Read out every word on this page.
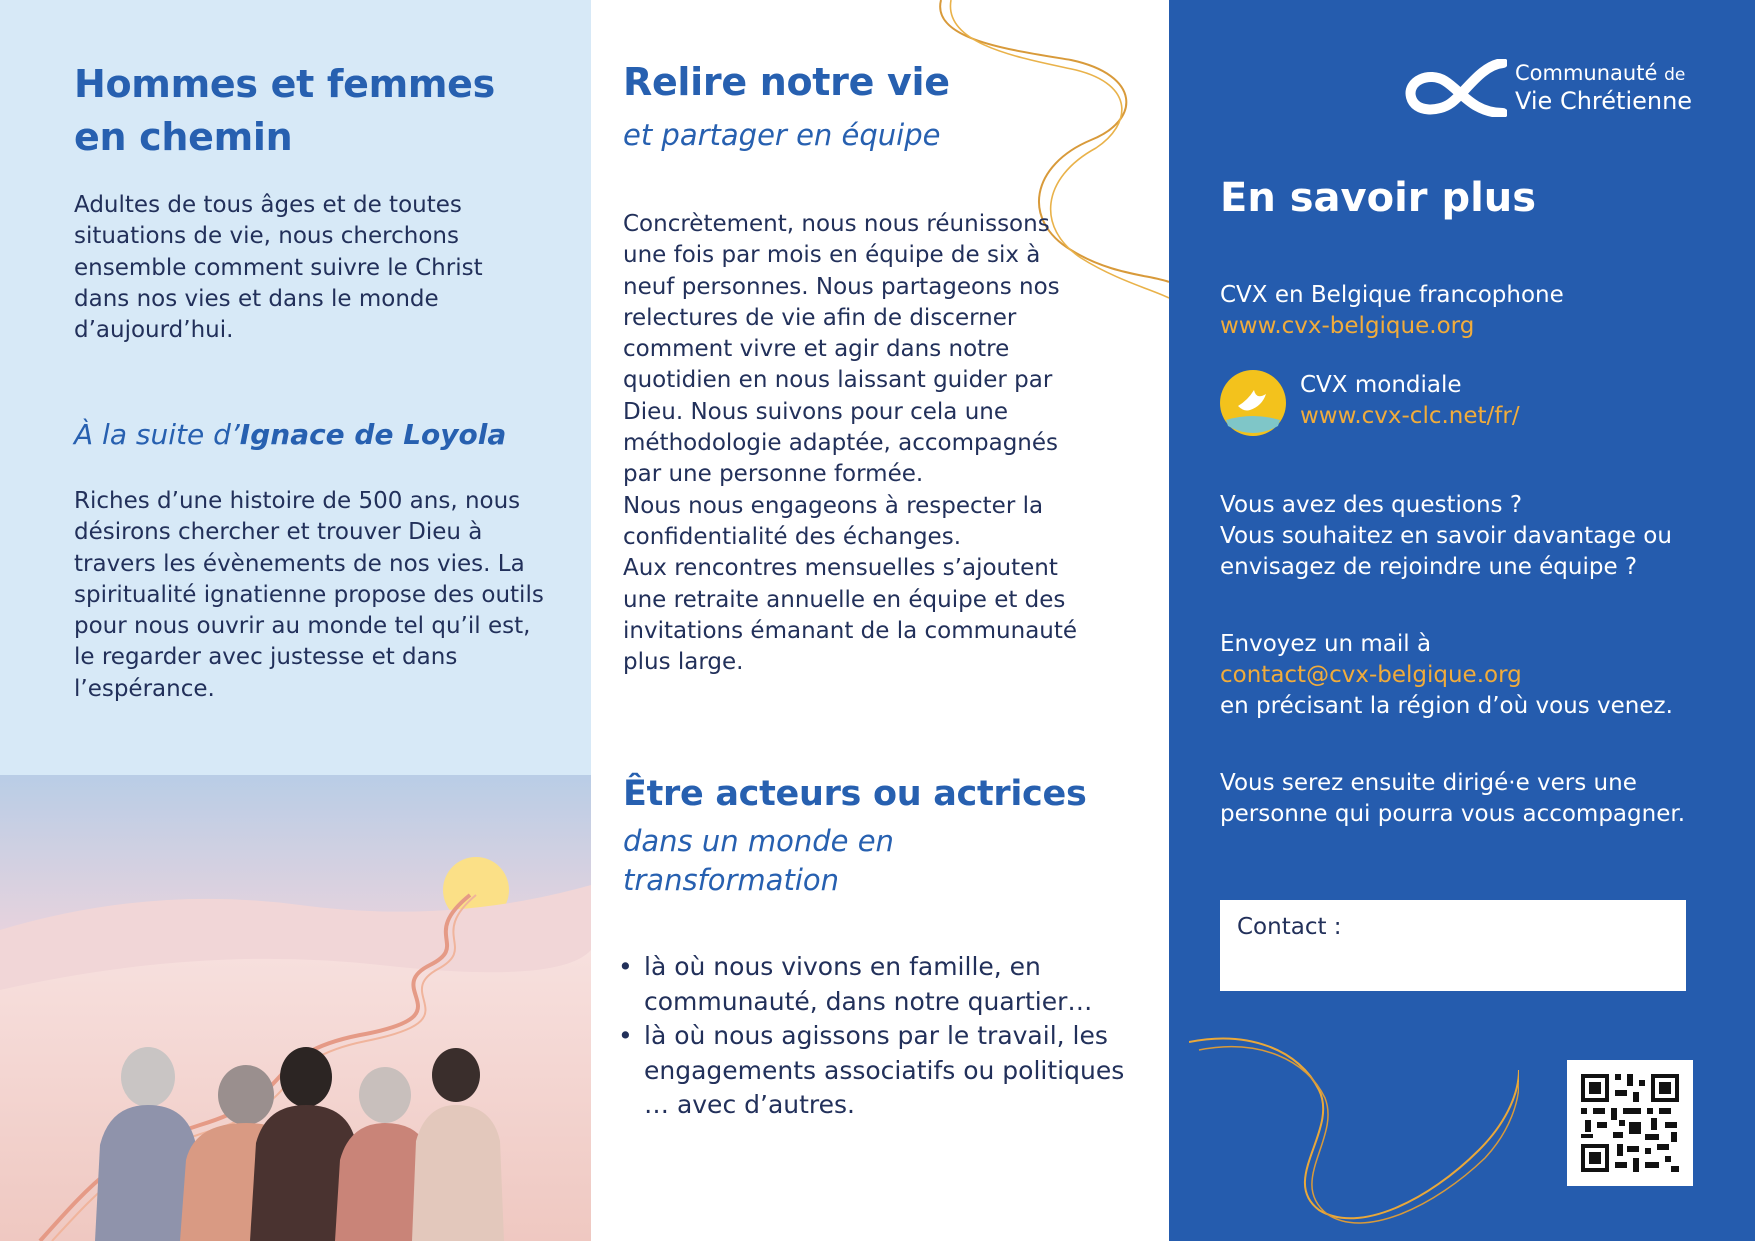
Hommes et femmes en chemin

Adultes de tous âges et de toutes
situations de vie, nous cherchons
ensemble comment suivre le Christ
dans nos vies et dans le monde
d’aujourd’hui.

À la suite d’Ignace de Loyola

Riches d’une histoire de 500 ans, nous
désirons chercher et trouver Dieu à
travers les évènements de nos vies. La
spiritualité ignatienne propose des outils
pour nous ouvrir au monde tel qu’il est,
le regarder avec justesse et dans
l’espérance.

Relire notre vie

et partager en équipe

Concrètement, nous nous réunissons
une fois par mois en équipe de six à
neuf personnes. Nous partageons nos
relectures de vie afin de discerner
comment vivre et agir dans notre
quotidien en nous laissant guider par
Dieu. Nous suivons pour cela une
méthodologie adaptée, accompagnés
par une personne formée.
Nous nous engageons à respecter la
confidentialité des échanges.
Aux rencontres mensuelles s’ajoutent
une retraite annuelle en équipe et des
invitations émanant de la communauté
plus large.

Être acteurs ou actrices

dans un monde en transformation

• là où nous vivons en famille, en communauté, dans notre quartier…
• là où nous agissons par le travail, les engagements associatifs ou politiques … avec d’autres.
Communauté de
Vie Chrétienne
En savoir plus
CVX en Belgique francophone
www.cvx-belgique.org
CVX mondiale
www.cvx-clc.net/fr/

Vous avez des questions ?
Vous souhaitez en savoir davantage ou
envisagez de rejoindre une équipe ?

Envoyez un mail à
contact@cvx-belgique.org
en précisant la région d’où vous venez.

Vous serez ensuite dirigé·e vers une
personne qui pourra vous accompagner.

Contact :
